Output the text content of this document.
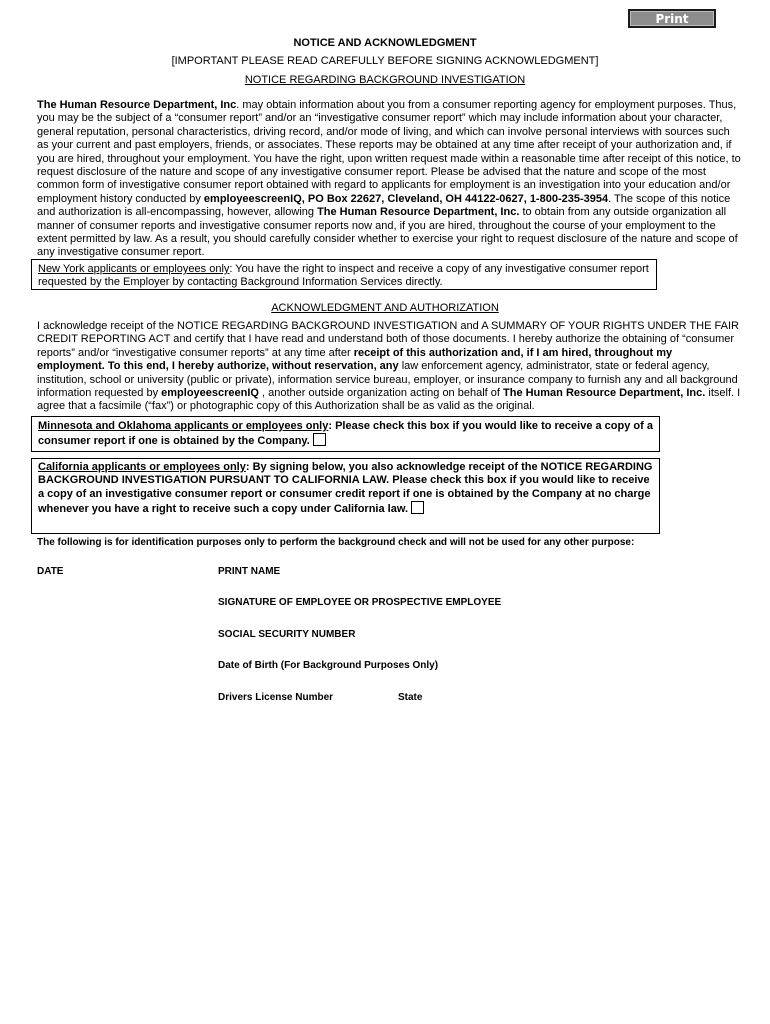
Print
NOTICE AND ACKNOWLEDGMENT
[IMPORTANT PLEASE READ CAREFULLY BEFORE SIGNING ACKNOWLEDGMENT]
NOTICE REGARDING BACKGROUND INVESTIGATION

The Human Resource Department, Inc. may obtain information about you from a consumer reporting agency for employment purposes. Thus, you may be the subject of a “consumer report” and/or an “investigative consumer report” which may include information about your character, general reputation, personal characteristics, driving record, and/or mode of living, and which can involve personal interviews with sources such as your current and past employers, friends, or associates. These reports may be obtained at any time after receipt of your authorization and, if you are hired, throughout your employment. You have the right, upon written request made within a reasonable time after receipt of this notice, to request disclosure of the nature and scope of any investigative consumer report. Please be advised that the nature and scope of the most common form of investigative consumer report obtained with regard to applicants for employment is an investigation into your education and/or employment history conducted by employeescreenIQ, PO Box 22627, Cleveland, OH 44122-0627, 1-800-235-3954. The scope of this notice and authorization is all-encompassing, however, allowing The Human Resource Department, Inc. to obtain from any outside organization all manner of consumer reports and investigative consumer reports now and, if you are hired, throughout the course of your employment to the extent permitted by law. As a result, you should carefully consider whether to exercise your right to request disclosure of the nature and scope of any investigative consumer report.

New York applicants or employees only: You have the right to inspect and receive a copy of any investigative consumer report requested by the Employer by contacting Background Information Services directly.
ACKNOWLEDGMENT AND AUTHORIZATION

I acknowledge receipt of the NOTICE REGARDING BACKGROUND INVESTIGATION and A SUMMARY OF YOUR RIGHTS UNDER THE FAIR CREDIT REPORTING ACT and certify that I have read and understand both of those documents. I hereby authorize the obtaining of “consumer reports” and/or “investigative consumer reports” at any time after receipt of this authorization and, if I am hired, throughout my employment. To this end, I hereby authorize, without reservation, any law enforcement agency, administrator, state or federal agency, institution, school or university (public or private), information service bureau, employer, or insurance company to furnish any and all background information requested by employeescreenIQ , another outside organization acting on behalf of The Human Resource Department, Inc. itself. I agree that a facsimile (“fax”) or photographic copy of this Authorization shall be as valid as the original.

Minnesota and Oklahoma applicants or employees only: Please check this box if you would like to receive a copy of a consumer report if one is obtained by the Company.
California applicants or employees only: By signing below, you also acknowledge receipt of the NOTICE REGARDING BACKGROUND INVESTIGATION PURSUANT TO CALIFORNIA LAW. Please check this box if you would like to receive a copy of an investigative consumer report or consumer credit report if one is obtained by the Company at no charge whenever you have a right to receive such a copy under California law.
The following is for identification purposes only to perform the background check and will not be used for any other purpose:
DATE	PRINT NAME
SIGNATURE OF EMPLOYEE OR PROSPECTIVE EMPLOYEE
SOCIAL SECURITY NUMBER
Date of Birth (For Background Purposes Only)
Drivers License Number	State
